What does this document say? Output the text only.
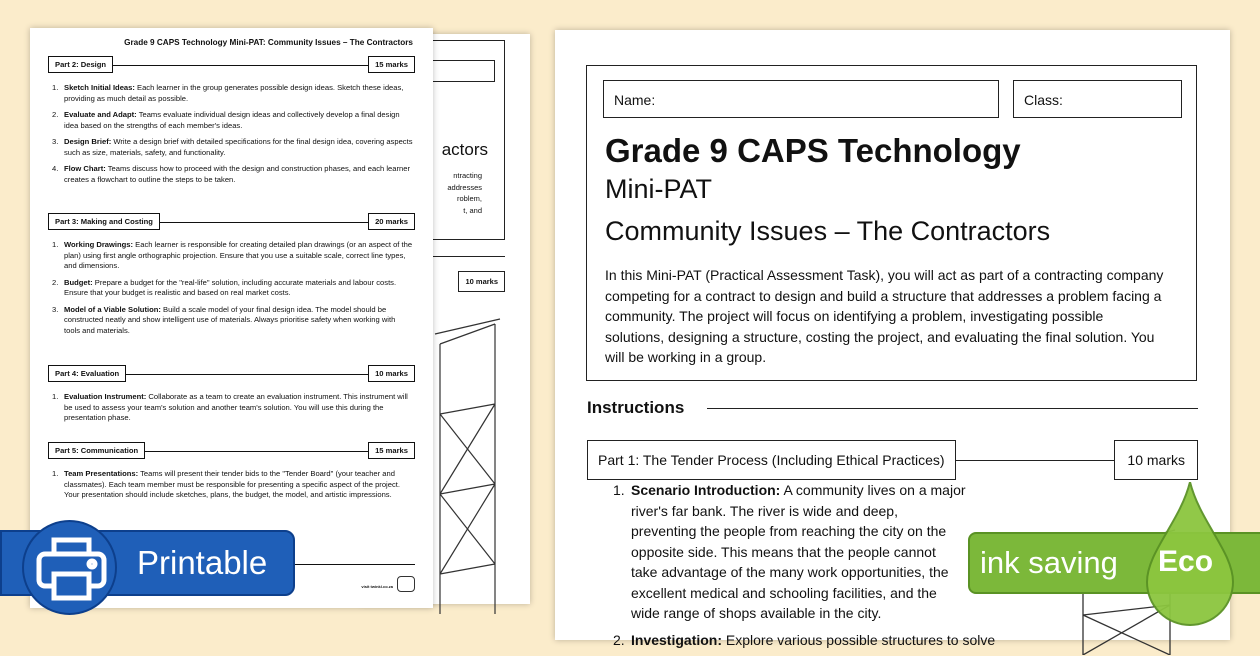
Grade 9 CAPS Technology Mini-PAT: Community Issues – The Contractors
Part 2: Design	15 marks
1. Sketch Initial Ideas: Each learner in the group generates possible design ideas. Sketch these ideas, providing as much detail as possible.
2. Evaluate and Adapt: Teams evaluate individual design ideas and collectively develop a final design idea based on the strengths of each member's ideas.
3. Design Brief: Write a design brief with detailed specifications for the final design idea, covering aspects such as size, materials, safety, and functionality.
4. Flow Chart: Teams discuss how to proceed with the design and construction phases, and each learner creates a flowchart to outline the steps to be taken.
Part 3: Making and Costing	20 marks
1. Working Drawings: Each learner is responsible for creating detailed plan drawings (or an aspect of the plan) using first angle orthographic projection. Ensure that you use a suitable scale, correct line types, and dimensions.
2. Budget: Prepare a budget for the "real-life" solution, including accurate materials and labour costs. Ensure that your budget is realistic and based on real market costs.
3. Model of a Viable Solution: Build a scale model of your final design idea. The model should be constructed neatly and show intelligent use of materials. Always prioritise safety when working with tools and materials.
Part 4: Evaluation	10 marks
1. Evaluation Instrument: Collaborate as a team to create an evaluation instrument. This instrument will be used to assess your team's solution and another team's solution. You will use this during the presentation phase.
Part 5: Communication	15 marks
1. Team Presentations: Teams will present their tender bids to the "Tender Board" (your teacher and classmates). Each team member must be responsible for presenting a specific aspect of the project. Your presentation should include sketches, plans, the budget, the model, and artistic impressions.
visit twinkl.co.za
actors
ntracting
addresses
roblem,
t, and
10 marks
Name:	Class:
Grade 9 CAPS Technology
Mini-PAT
Community Issues – The Contractors
In this Mini-PAT (Practical Assessment Task), you will act as part of a contracting company competing for a contract to design and build a structure that addresses a problem facing a community. The project will focus on identifying a problem, investigating possible solutions, designing a structure, costing the project, and evaluating the final solution. You will be working in a group.
Instructions
Part 1: The Tender Process (Including Ethical Practices)	10 marks
1. Scenario Introduction: A community lives on a major river's far bank. The river is wide and deep, preventing the people from reaching the city on the opposite side. This means that the people cannot take advantage of the many work opportunities, the excellent medical and schooling facilities, and the wide range of shops available in the city.
2. Investigation: Explore various possible structures to solve
Printable	ink saving Eco
